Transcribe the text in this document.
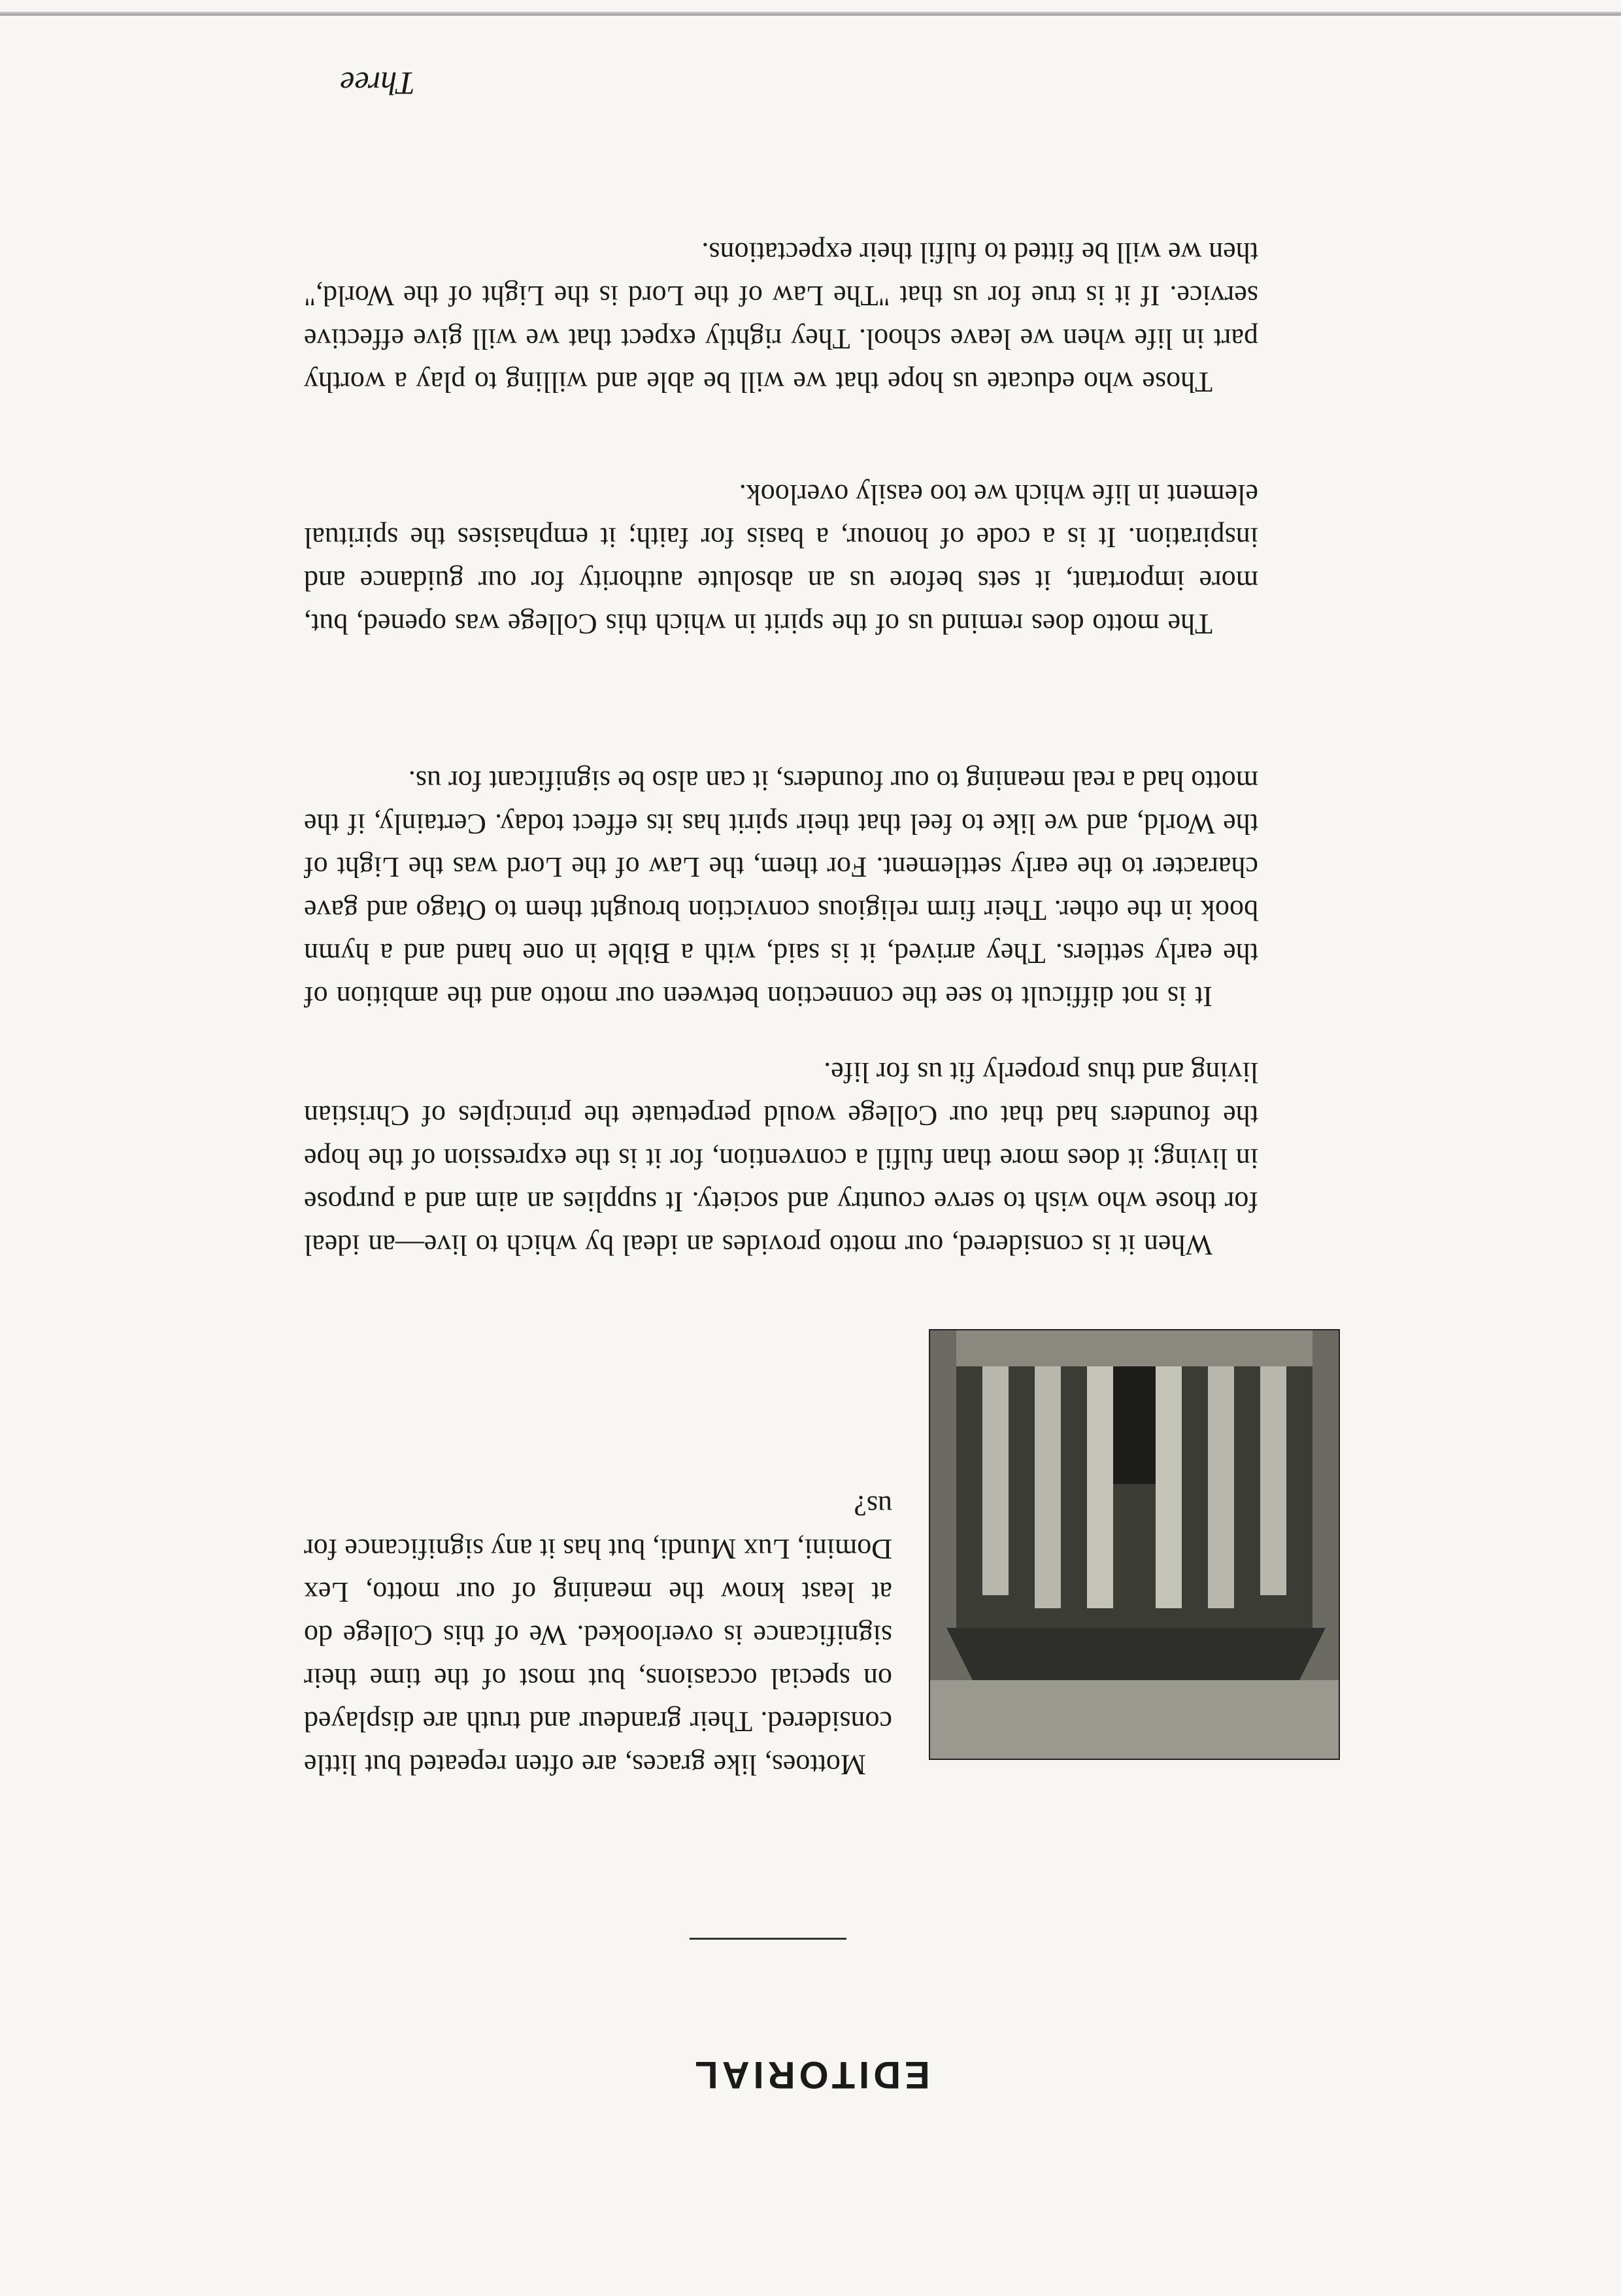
EDITORIAL

Mottoes, like graces, are often repeated but little considered. Their grandeur and truth are displayed on special occasions, but most of the time their significance is overlooked. We of this College do at least know the meaning of our motto, Lex Domini, Lux Mundi, but has it any significance for us?

When it is considered, our motto provides an ideal by which to live—an ideal for those who wish to serve country and society. It supplies an aim and a purpose in living; it does more than fulfil a convention, for it is the expression of the hope the founders had that our College would perpetuate the principles of Christian living and thus properly fit us for life.

It is not difficult to see the connection between our motto and the ambition of the early settlers. They arrived, it is said, with a Bible in one hand and a hymn book in the other. Their firm religious conviction brought them to Otago and gave character to the early settlement. For them, the Law of the Lord was the Light of the World, and we like to feel that their spirit has its effect today. Certainly, if the motto had a real meaning to our founders, it can also be significant for us.

The motto does remind us of the spirit in which this College was opened, but, more important, it sets before us an absolute authority for our guidance and inspiration. It is a code of honour, a basis for faith; it emphasises the spiritual element in life which we too easily overlook.

Those who educate us hope that we will be able and willing to play a worthy part in life when we leave school. They rightly expect that we will give effective service. If it is true for us that "The Law of the Lord is the Light of the World," then we will be fitted to fulfil their expectations.

Three
